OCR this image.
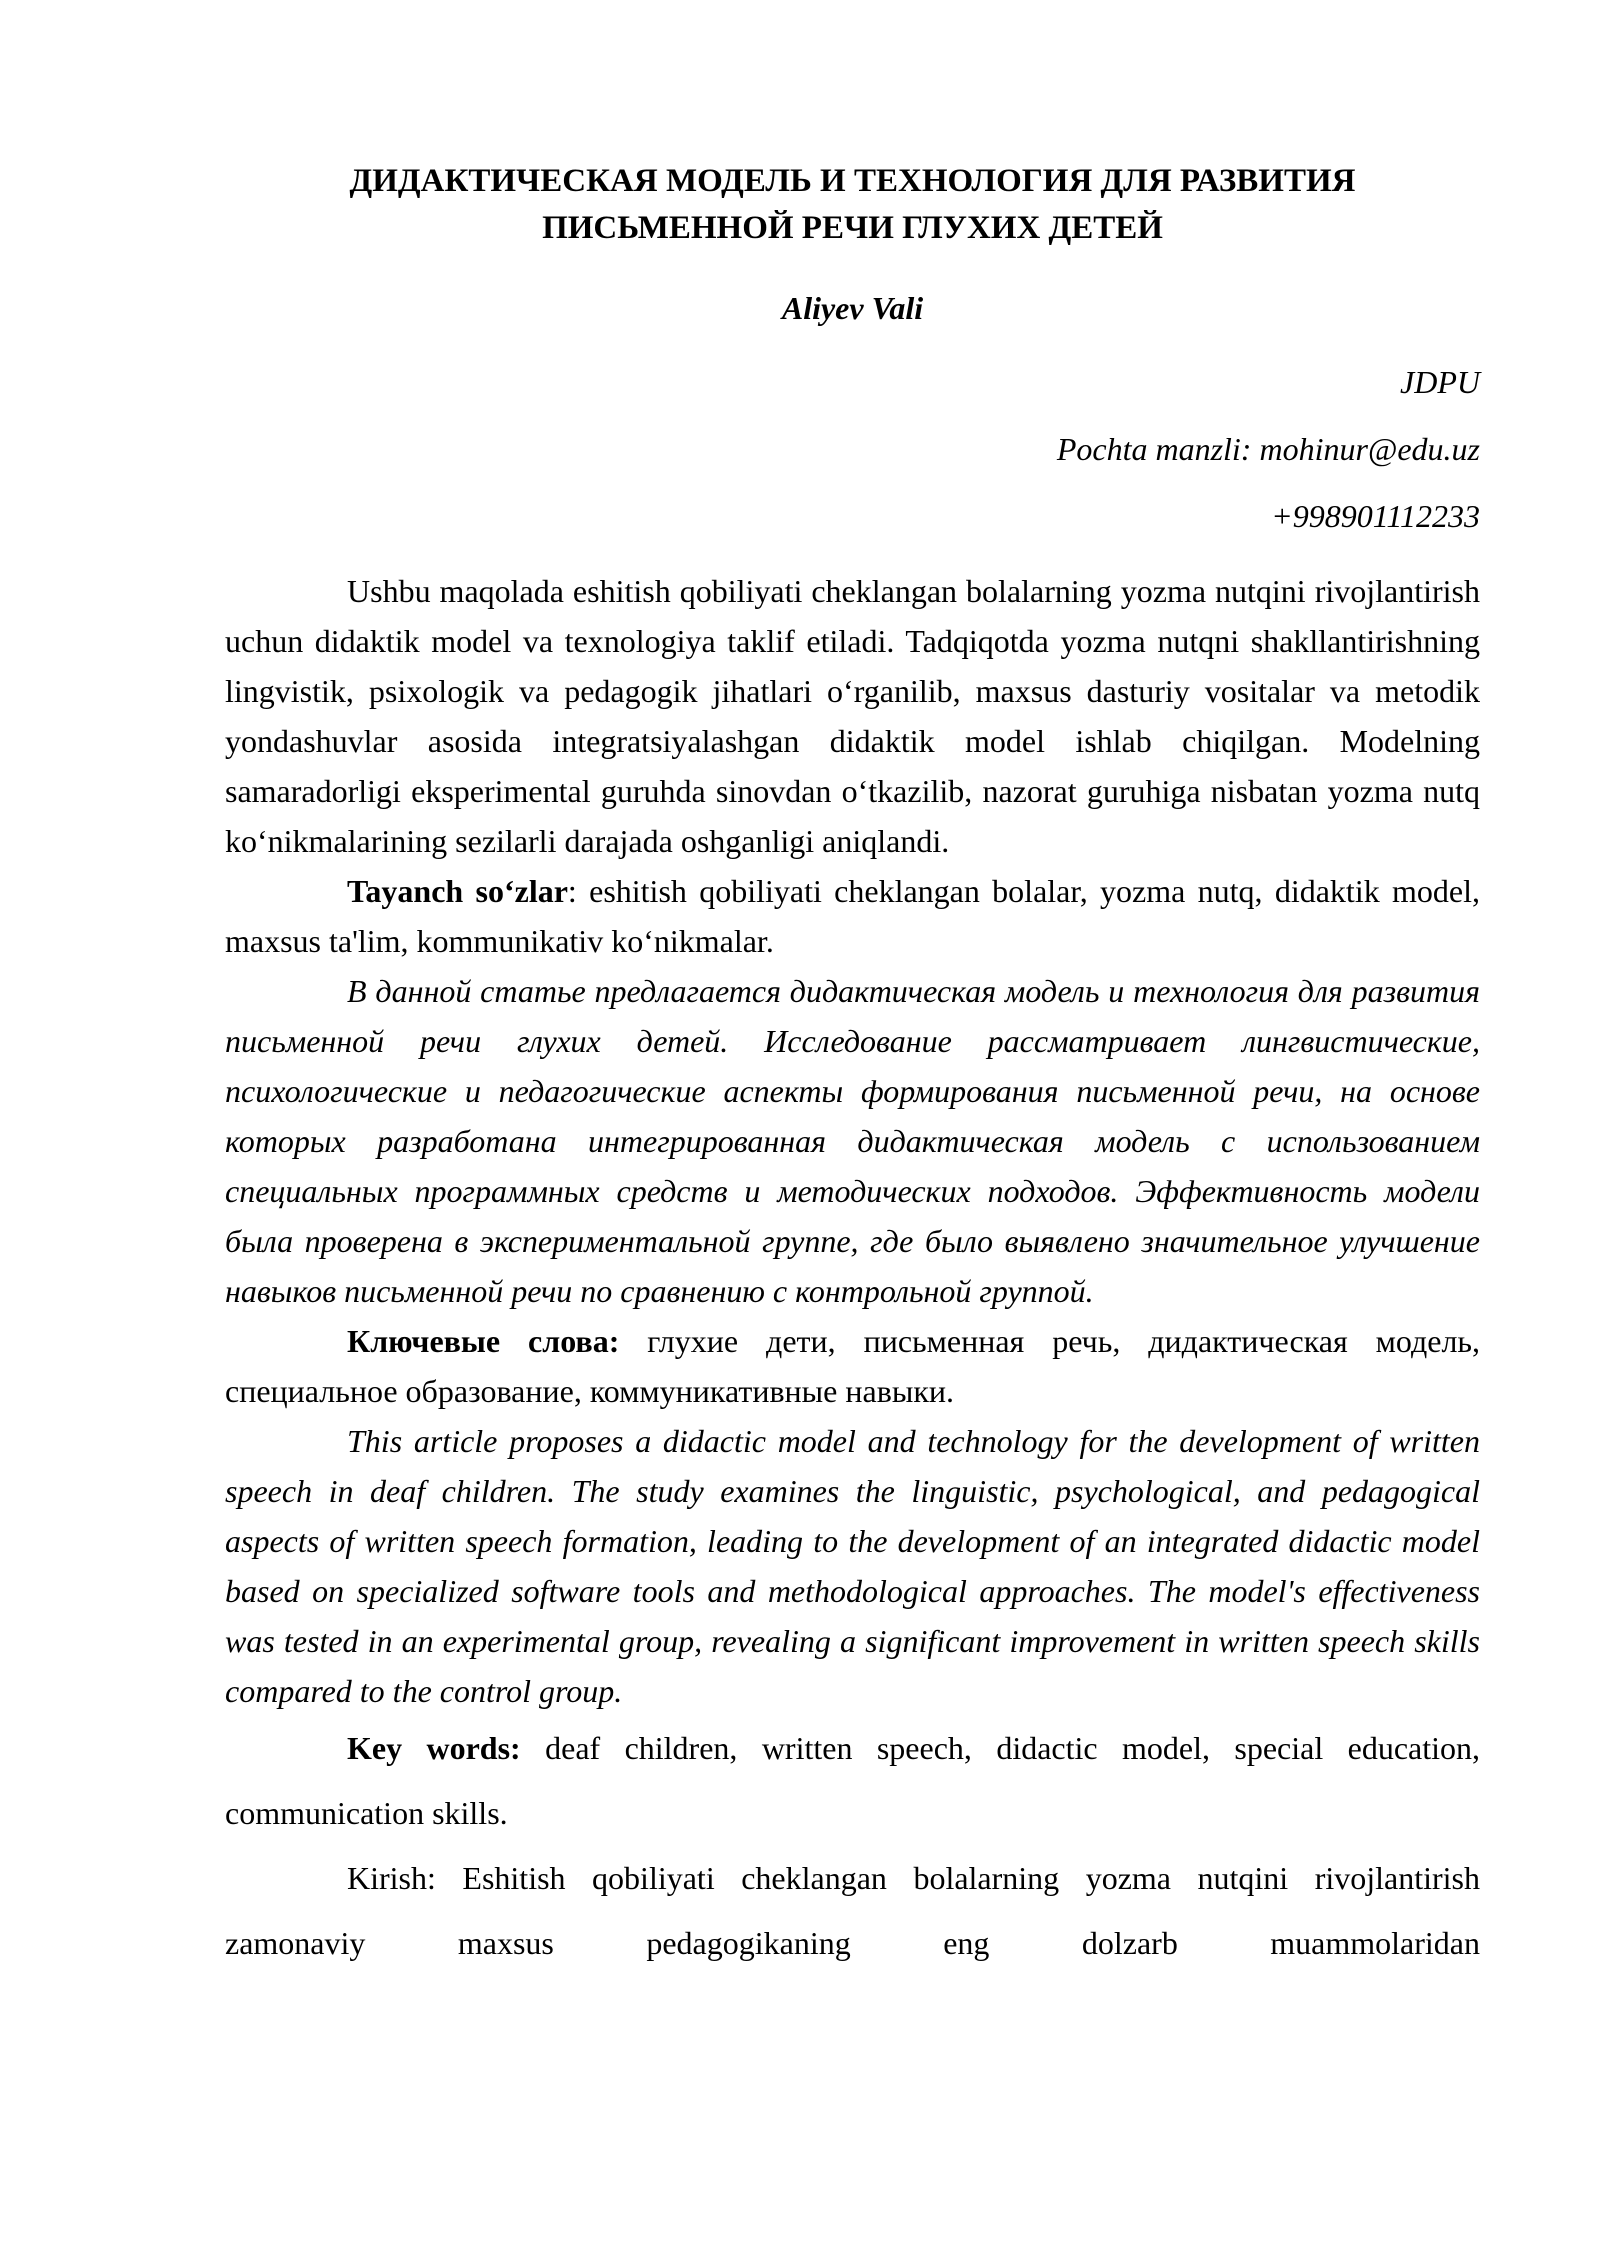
ДИДАКТИЧЕСКАЯ МОДЕЛЬ И ТЕХНОЛОГИЯ ДЛЯ РАЗВИТИЯ
ПИСЬМЕННОЙ РЕЧИ ГЛУХИХ ДЕТЕЙ

Aliyev Vali

JDPU

Pochta manzli: mohinur@edu.uz

+998901112233

Ushbu maqolada eshitish qobiliyati cheklangan bolalarning yozma nutqini rivojlantirish uchun didaktik model va texnologiya taklif etiladi. Tadqiqotda yozma nutqni shakllantirishning lingvistik, psixologik va pedagogik jihatlari o‘rganilib, maxsus dasturiy vositalar va metodik yondashuvlar asosida integratsiyalashgan didaktik model ishlab chiqilgan. Modelning samaradorligi eksperimental guruhda sinovdan o‘tkazilib, nazorat guruhiga nisbatan yozma nutq ko‘nikmalarining sezilarli darajada oshganligi aniqlandi.

Tayanch so‘zlar: eshitish qobiliyati cheklangan bolalar, yozma nutq, didaktik model, maxsus ta'lim, kommunikativ ko‘nikmalar.

В данной статье предлагается дидактическая модель и технология для развития письменной речи глухих детей. Исследование рассматривает лингвистические, психологические и педагогические аспекты формирования письменной речи, на основе которых разработана интегрированная дидактическая модель с использованием специальных программных средств и методических подходов. Эффективность модели была проверена в экспериментальной группе, где было выявлено значительное улучшение навыков письменной речи по сравнению с контрольной группой.

Ключевые слова: глухие дети, письменная речь, дидактическая модель, специальное образование, коммуникативные навыки.

This article proposes a didactic model and technology for the development of written speech in deaf children. The study examines the linguistic, psychological, and pedagogical aspects of written speech formation, leading to the development of an integrated didactic model based on specialized software tools and methodological approaches. The model's effectiveness was tested in an experimental group, revealing a significant improvement in written speech skills compared to the control group.

Key words: deaf children, written speech, didactic model, special education, communication skills.

Kirish: Eshitish qobiliyati cheklangan bolalarning yozma nutqini rivojlantirish zamonaviy maxsus pedagogikaning eng dolzarb muammolaridan
